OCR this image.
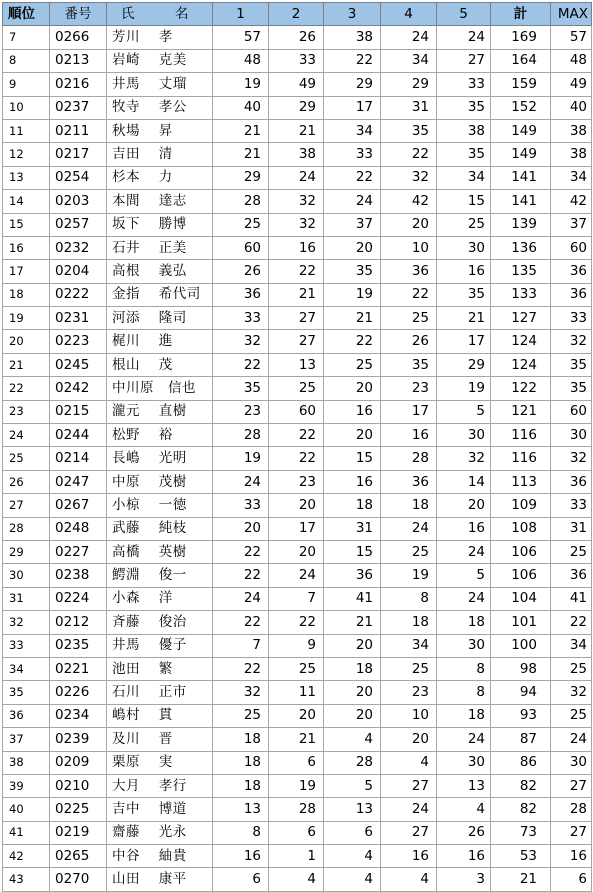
順位	番号	氏　　　名	1	2	3	4	5	計	MAX
7	0266	芳川　 孝	57	26	38	24	24	169	57
8	0213	岩崎　 克美	48	33	22	34	27	164	48
9	0216	井馬　 丈瑠	19	49	29	29	33	159	49
10	0237	牧寺　 孝公	40	29	17	31	35	152	40
11	0211	秋場　 昇	21	21	34	35	38	149	38
12	0217	吉田　 清	21	38	33	22	35	149	38
13	0254	杉本　 力	29	24	22	32	34	141	34
14	0203	本間　 達志	28	32	24	42	15	141	42
15	0257	坂下　 勝博	25	32	37	20	25	139	37
16	0232	石井　 正美	60	16	20	10	30	136	60
17	0204	高根　 義弘	26	22	35	36	16	135	36
18	0222	金指　 希代司	36	21	19	22	35	133	36
19	0231	河添　 隆司	33	27	21	25	21	127	33
20	0223	梶川　 進	32	27	22	26	17	124	32
21	0245	根山　 茂	22	13	25	35	29	124	35
22	0242	中川原　信也	35	25	20	23	19	122	35
23	0215	瀧元　 直樹	23	60	16	17	5	121	60
24	0244	松野　 裕	28	22	20	16	30	116	30
25	0214	長嶋　 光明	19	22	15	28	32	116	32
26	0247	中原　 茂樹	24	23	16	36	14	113	36
27	0267	小椋　 一徳	33	20	18	18	20	109	33
28	0248	武藤　 純枝	20	17	31	24	16	108	31
29	0227	高橋　 英樹	22	20	15	25	24	106	25
30	0238	鰐淵　 俊一	22	24	36	19	5	106	36
31	0224	小森　 洋	24	7	41	8	24	104	41
32	0212	斉藤　 俊治	22	22	21	18	18	101	22
33	0235	井馬　 優子	7	9	20	34	30	100	34
34	0221	池田　 繁	22	25	18	25	8	98	25
35	0226	石川　 正市	32	11	20	23	8	94	32
36	0234	嶋村　 貫	25	20	20	10	18	93	25
37	0239	及川　 晋	18	21	4	20	24	87	24
38	0209	栗原　 実	18	6	28	4	30	86	30
39	0210	大月　 孝行	18	19	5	27	13	82	27
40	0225	吉中　 博道	13	28	13	24	4	82	28
41	0219	齋藤　 光永	8	6	6	27	26	73	27
42	0265	中谷　 紬貴	16	1	4	16	16	53	16
43	0270	山田　 康平	6	4	4	4	3	21	6
